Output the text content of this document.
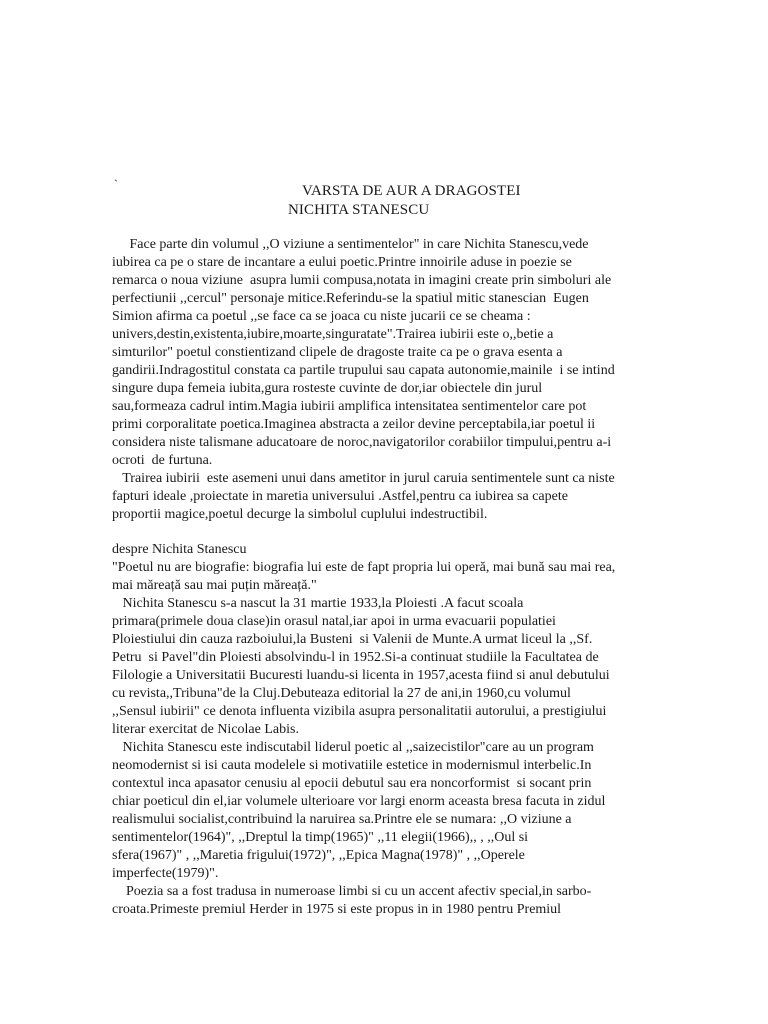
`	VARSTA DE AUR A DRAGOSTEI
NICHITA STANESCU
Face parte din volumul ,,O viziune a sentimentelor" in care Nichita Stanescu,vede
iubirea ca pe o stare de incantare a eului poetic.Printre innoirile aduse in poezie se
remarca o noua viziune  asupra lumii compusa,notata in imagini create prin simboluri ale
perfectiunii ,,cercul" personaje mitice.Referindu-se la spatiul mitic stanescian  Eugen
Simion afirma ca poetul ,,se face ca se joaca cu niste jucarii ce se cheama :
univers,destin,existenta,iubire,moarte,singuratate".Trairea iubirii este o,,betie a
simturilor" poetul constientizand clipele de dragoste traite ca pe o grava esenta a
gandirii.Indragostitul constata ca partile trupului sau capata autonomie,mainile  i se intind
singure dupa femeia iubita,gura rosteste cuvinte de dor,iar obiectele din jurul
sau,formeaza cadrul intim.Magia iubirii amplifica intensitatea sentimentelor care pot
primi corporalitate poetica.Imaginea abstracta a zeilor devine perceptabila,iar poetul ii
considera niste talismane aducatoare de noroc,navigatorilor corabiilor timpului,pentru a-i
ocroti  de furtuna.
Trairea iubirii  este asemeni unui dans ametitor in jurul caruia sentimentele sunt ca niste
fapturi ideale ,proiectate in maretia universului .Astfel,pentru ca iubirea sa capete
proportii magice,poetul decurge la simbolul cuplului indestructibil.
despre Nichita Stanescu
"Poetul nu are biografie: biografia lui este de fapt propria lui operă, mai bună sau mai rea,
mai măreață sau mai puțin măreață."
Nichita Stanescu s-a nascut la 31 martie 1933,la Ploiesti .A facut scoala
primara(primele doua clase)in orasul natal,iar apoi in urma evacuarii populatiei
Ploiestiului din cauza razboiului,la Busteni  si Valenii de Munte.A urmat liceul la ,,Sf.
Petru  si Pavel"din Ploiesti absolvindu-l in 1952.Si-a continuat studiile la Facultatea de
Filologie a Universitatii Bucuresti luandu-si licenta in 1957,acesta fiind si anul debutului
cu revista,,Tribuna"de la Cluj.Debuteaza editorial la 27 de ani,in 1960,cu volumul
,,Sensul iubirii" ce denota influenta vizibila asupra personalitatii autorului, a prestigiului
literar exercitat de Nicolae Labis.
Nichita Stanescu este indiscutabil liderul poetic al ,,saizecistilor"care au un program
neomodernist si isi cauta modelele si motivatiile estetice in modernismul interbelic.In
contextul inca apasator cenusiu al epocii debutul sau era noncorformist  si socant prin
chiar poeticul din el,iar volumele ulterioare vor largi enorm aceasta bresa facuta in zidul
realismului socialist,contribuind la naruirea sa.Printre ele se numara: ,,O viziune a
sentimentelor(1964)", ,,Dreptul la timp(1965)" ,,11 elegii(1966),, , ,,Oul si
sfera(1967)" , ,,Maretia frigului(1972)", ,,Epica Magna(1978)" , ,,Operele
imperfecte(1979)".
Poezia sa a fost tradusa in numeroase limbi si cu un accent afectiv special,in sarbo-
croata.Primeste premiul Herder in 1975 si este propus in in 1980 pentru Premiul
